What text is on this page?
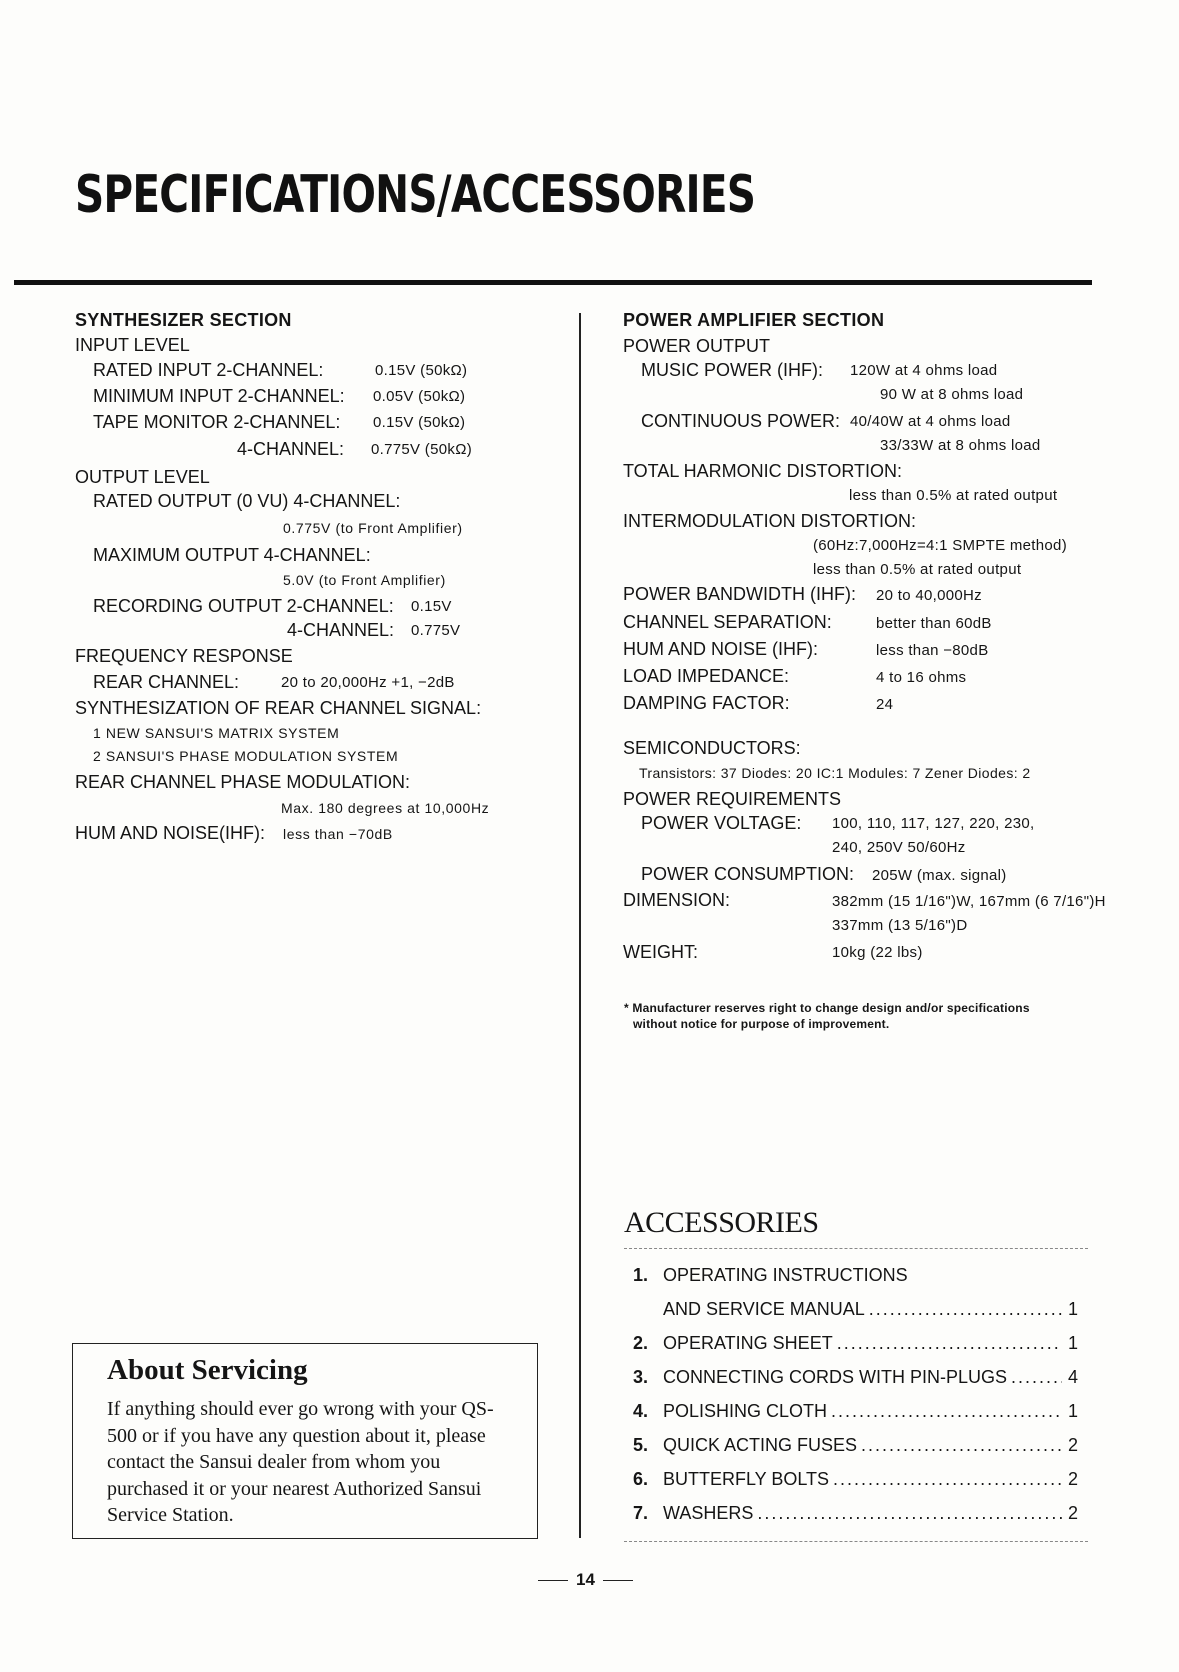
SPECIFICATIONS/ACCESSORIES
SYNTHESIZER SECTION
INPUT LEVEL
RATED INPUT 2-CHANNEL:	0.15V (50kΩ)
MINIMUM INPUT 2-CHANNEL: 0.05V (50kΩ)
TAPE MONITOR 2-CHANNEL: 0.15V (50kΩ)
4-CHANNEL: 0.775V (50kΩ)
OUTPUT LEVEL
RATED OUTPUT (0 VU) 4-CHANNEL:
0.775V (to Front Amplifier)
MAXIMUM OUTPUT 4-CHANNEL:
5.0V (to Front Amplifier)
RECORDING OUTPUT 2-CHANNEL: 0.15V
4-CHANNEL: 0.775V
FREQUENCY RESPONSE
REAR CHANNEL:	20 to 20,000Hz +1, −2dB
SYNTHESIZATION OF REAR CHANNEL SIGNAL:
1 NEW SANSUI'S MATRIX SYSTEM
2 SANSUI'S PHASE MODULATION SYSTEM
REAR CHANNEL PHASE MODULATION:
Max. 180 degrees at 10,000Hz
HUM AND NOISE(IHF): less than −70dB
POWER AMPLIFIER SECTION
POWER OUTPUT
MUSIC POWER (IHF): 120W at 4 ohms load
90 W at 8 ohms load
CONTINUOUS POWER: 40/40W at 4 ohms load
33/33W at 8 ohms load
TOTAL HARMONIC DISTORTION:
less than 0.5% at rated output
INTERMODULATION DISTORTION:
(60Hz:7,000Hz=4:1 SMPTE method)
less than 0.5% at rated output
POWER BANDWIDTH (IHF): 20 to 40,000Hz
CHANNEL SEPARATION:	better than 60dB
HUM AND NOISE (IHF):	less than −80dB
LOAD IMPEDANCE:	4 to 16 ohms
DAMPING FACTOR:	24
SEMICONDUCTORS:
Transistors: 37 Diodes: 20 IC:1 Modules: 7 Zener Diodes: 2
POWER REQUIREMENTS
POWER VOLTAGE: 100, 110, 117, 127, 220, 230,
240, 250V 50/60Hz
POWER CONSUMPTION: 205W (max. signal)
DIMENSION:	382mm (15 1/16")W, 167mm (6 7/16")H
337mm (13 5/16")D
WEIGHT:	10kg (22 lbs)
* Manufacturer reserves right to change design and/or specifications
without notice for purpose of improvement.
ACCESSORIES
1. OPERATING INSTRUCTIONS
AND SERVICE MANUAL .....	1
2. OPERATING SHEET .....	1
3. CONNECTING CORDS WITH PIN-PLUGS .....	4
4. POLISHING CLOTH .....	1
5. QUICK ACTING FUSES .....	2
6. BUTTERFLY BOLTS .....	2
7. WASHERS .....	2
About Servicing
If anything should ever go wrong with your QS-500 or if you have any question about it, please contact the Sansui dealer from whom you purchased it or your nearest Authorized Sansui Service Station.
14
